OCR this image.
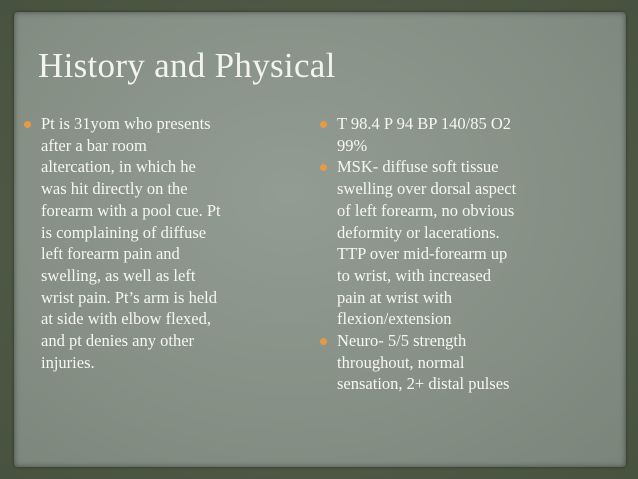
History and Physical
Pt is 31yom who presents
after a bar room
altercation, in which he
was hit directly on the
forearm with a pool cue. Pt
is complaining of diffuse
left forearm pain and
swelling, as well as left
wrist pain. Pt’s arm is held
at side with elbow flexed,
and pt denies any other
injuries.
T 98.4 P 94 BP 140/85 O2
99%
MSK- diffuse soft tissue
swelling over dorsal aspect
of left forearm, no obvious
deformity or lacerations.
TTP over mid-forearm up
to wrist, with increased
pain at wrist with
flexion/extension
Neuro- 5/5 strength
throughout, normal
sensation, 2+ distal pulses
